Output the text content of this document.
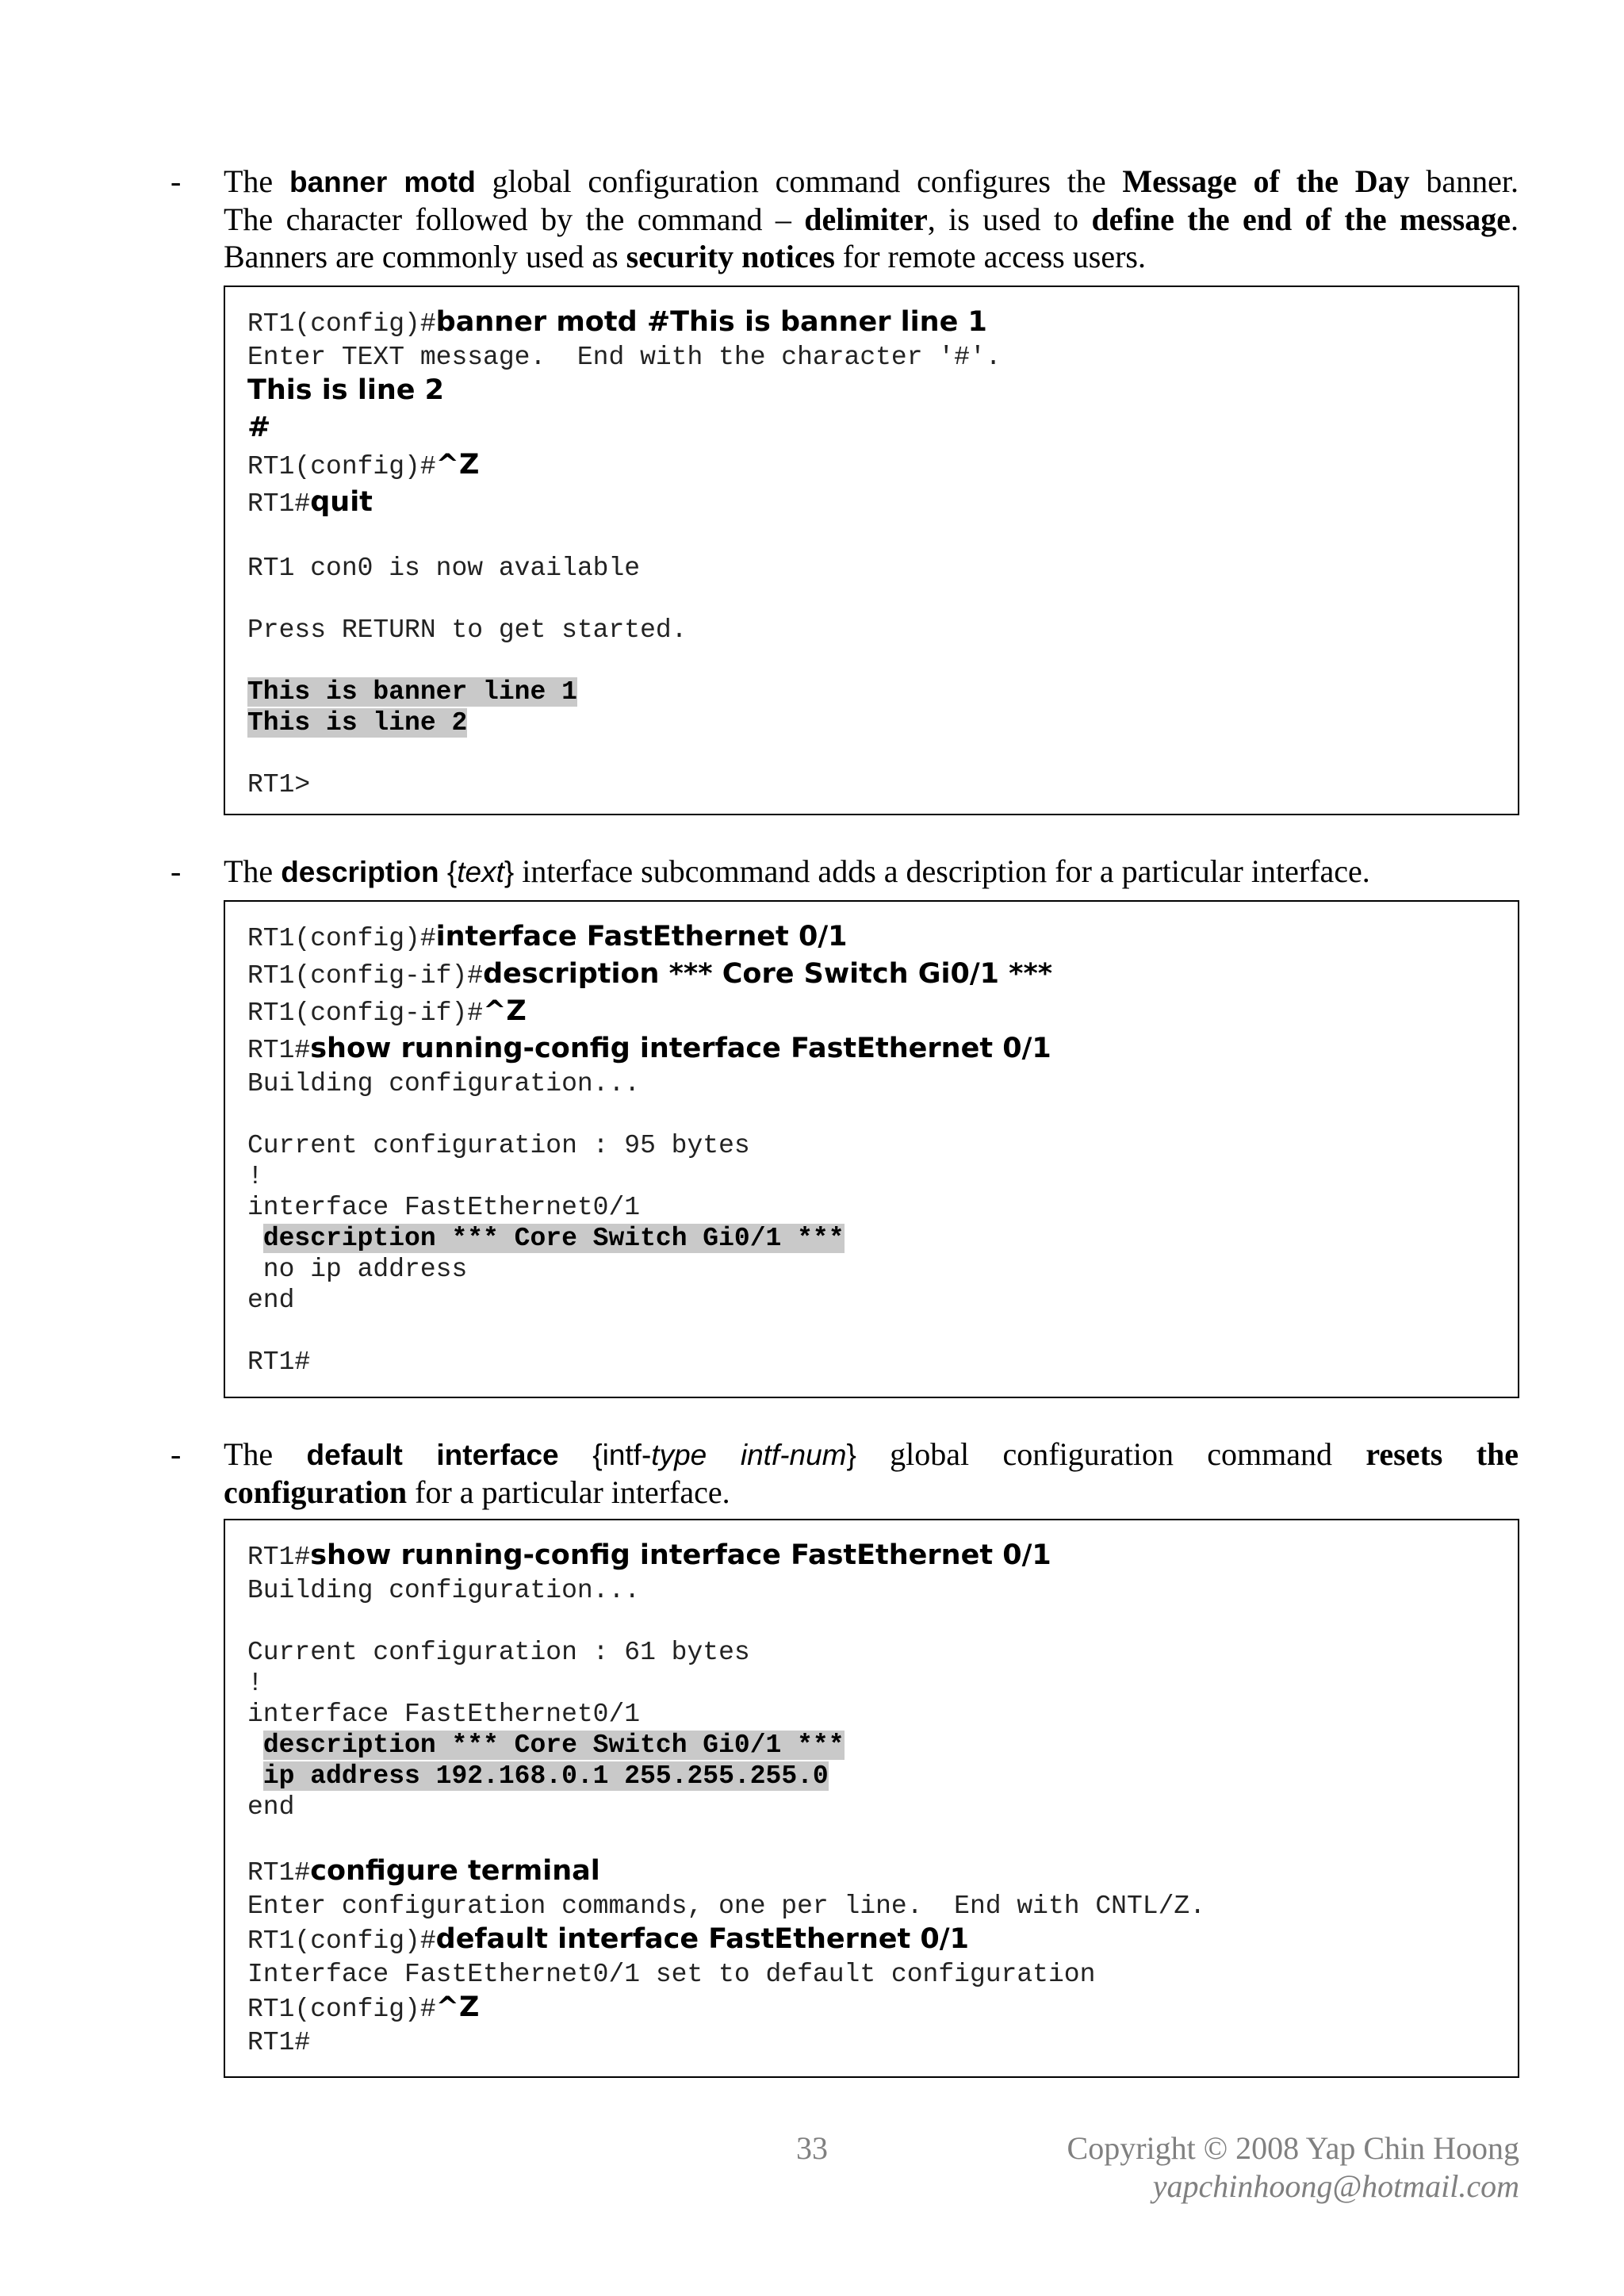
- The banner motd global configuration command configures the Message of the Day banner.
The character followed by the command – delimiter, is used to define the end of the message.
Banners are commonly used as security notices for remote access users.
RT1(config)#banner motd #This is banner line 1
Enter TEXT message.  End with the character '#'.
This is line 2
#
RT1(config)#^Z
RT1#quit
RT1 con0 is now available
Press RETURN to get started.
This is banner line 1
This is line 2
RT1>
- The description {text} interface subcommand adds a description for a particular interface.
RT1(config)#interface FastEthernet 0/1
RT1(config-if)#description *** Core Switch Gi0/1 ***
RT1(config-if)#^Z
RT1#show running-config interface FastEthernet 0/1
Building configuration...
Current configuration : 95 bytes
!
interface FastEthernet0/1
description *** Core Switch Gi0/1 ***
no ip address
end
RT1#
- The default interface {intf-type intf-num} global configuration command resets the
configuration for a particular interface.
RT1#show running-config interface FastEthernet 0/1
Building configuration...
Current configuration : 61 bytes
!
interface FastEthernet0/1
description *** Core Switch Gi0/1 ***
ip address 192.168.0.1 255.255.255.0
end
RT1#configure terminal
Enter configuration commands, one per line.  End with CNTL/Z.
RT1(config)#default interface FastEthernet 0/1
Interface FastEthernet0/1 set to default configuration
RT1(config)#^Z
RT1#
33	Copyright © 2008 Yap Chin Hoong
yapchinhoong@hotmail.com
